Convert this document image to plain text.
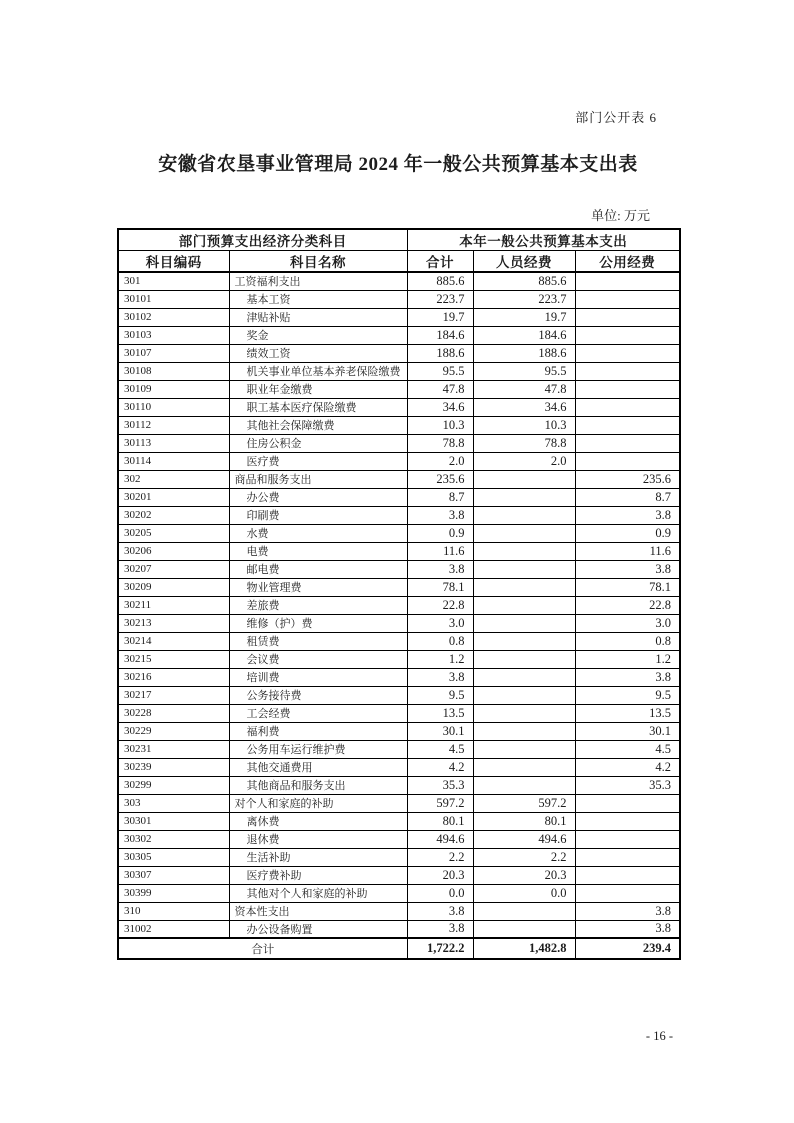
部门公开表 6
安徽省农垦事业管理局 2024 年一般公共预算基本支出表
单位: 万元
部门预算支出经济分类科目		本年一般公共预算基本支出		
科目编码	科目名称	合计	人员经费	公用经费
301	工资福利支出	885.6	885.6	
30101	基本工资	223.7	223.7	
30102	津贴补贴	19.7	19.7	
30103	奖金	184.6	184.6	
30107	绩效工资	188.6	188.6	
30108	机关事业单位基本养老保险缴费	95.5	95.5	
30109	职业年金缴费	47.8	47.8	
30110	职工基本医疗保险缴费	34.6	34.6	
30112	其他社会保障缴费	10.3	10.3	
30113	住房公积金	78.8	78.8	
30114	医疗费	2.0	2.0	
302	商品和服务支出	235.6		235.6
30201	办公费	8.7		8.7
30202	印刷费	3.8		3.8
30205	水费	0.9		0.9
30206	电费	11.6		11.6
30207	邮电费	3.8		3.8
30209	物业管理费	78.1		78.1
30211	差旅费	22.8		22.8
30213	维修（护）费	3.0		3.0
30214	租赁费	0.8		0.8
30215	会议费	1.2		1.2
30216	培训费	3.8		3.8
30217	公务接待费	9.5		9.5
30228	工会经费	13.5		13.5
30229	福利费	30.1		30.1
30231	公务用车运行维护费	4.5		4.5
30239	其他交通费用	4.2		4.2
30299	其他商品和服务支出	35.3		35.3
303	对个人和家庭的补助	597.2	597.2	
30301	离休费	80.1	80.1	
30302	退休费	494.6	494.6	
30305	生活补助	2.2	2.2	
30307	医疗费补助	20.3	20.3	
30399	其他对个人和家庭的补助	0.0	0.0	
310	资本性支出	3.8		3.8
31002	办公设备购置	3.8		3.8
合计		1,722.2	1,482.8	239.4
- 16 -
